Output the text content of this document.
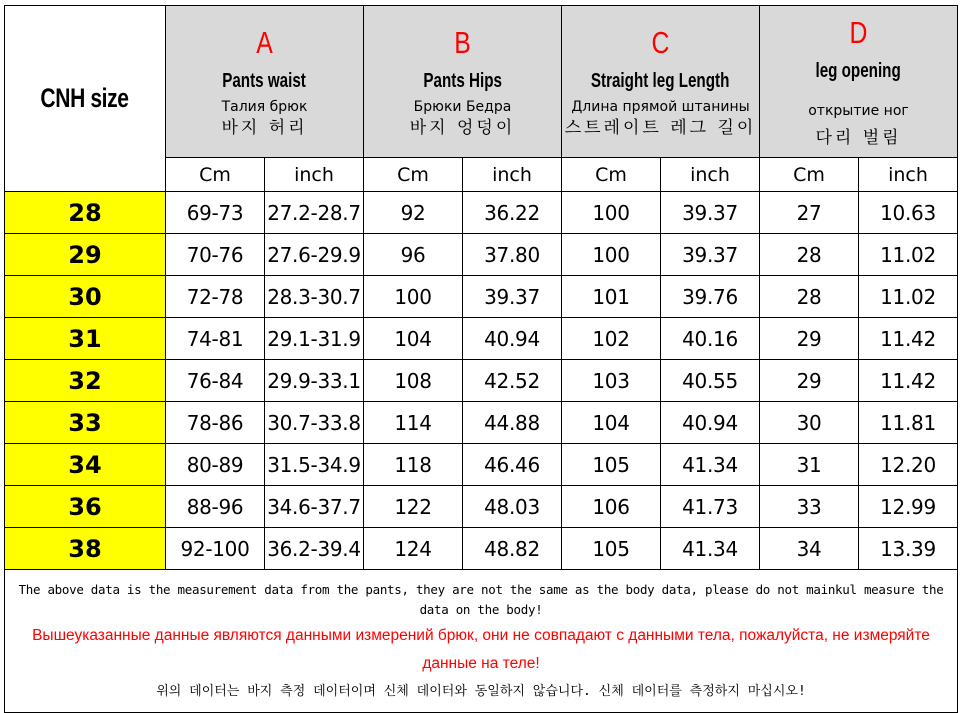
CNH size	A
Pants waist
Талия брюк
바지 허리		B
Pants Hips
Брюки Бедра
바지 엉덩이		C
Straight leg Length
Длина прямой штанины
스트레이트 레그 길이		D
leg opening
открытие ног
다리 벌림	

	Cm	inch	Cm	inch	Cm	inch	Cm	inch
28	69-73	27.2-28.7	92	36.22	100	39.37	27	10.63
29	70-76	27.6-29.9	96	37.80	100	39.37	28	11.02
30	72-78	28.3-30.7	100	39.37	101	39.76	28	11.02
31	74-81	29.1-31.9	104	40.94	102	40.16	29	11.42
32	76-84	29.9-33.1	108	42.52	103	40.55	29	11.42
33	78-86	30.7-33.8	114	44.88	104	40.94	30	11.81
34	80-89	31.5-34.9	118	46.46	105	41.34	31	12.20
36	88-96	34.6-37.7	122	48.03	106	41.73	33	12.99
38	92-100	36.2-39.4	124	48.82	105	41.34	34	13.39

The above data is the measurement data from the pants, they are not the same as the body data, please do not mainkul measure the data on the body!
Вышеуказанные данные являются данными измерений брюк, они не совпадают с данными тела, пожалуйста, не измеряйте данные на теле!
위의 데이터는 바지 측정 데이터이며 신체 데이터와 동일하지 않습니다. 신체 데이터를 측정하지 마십시오!								
